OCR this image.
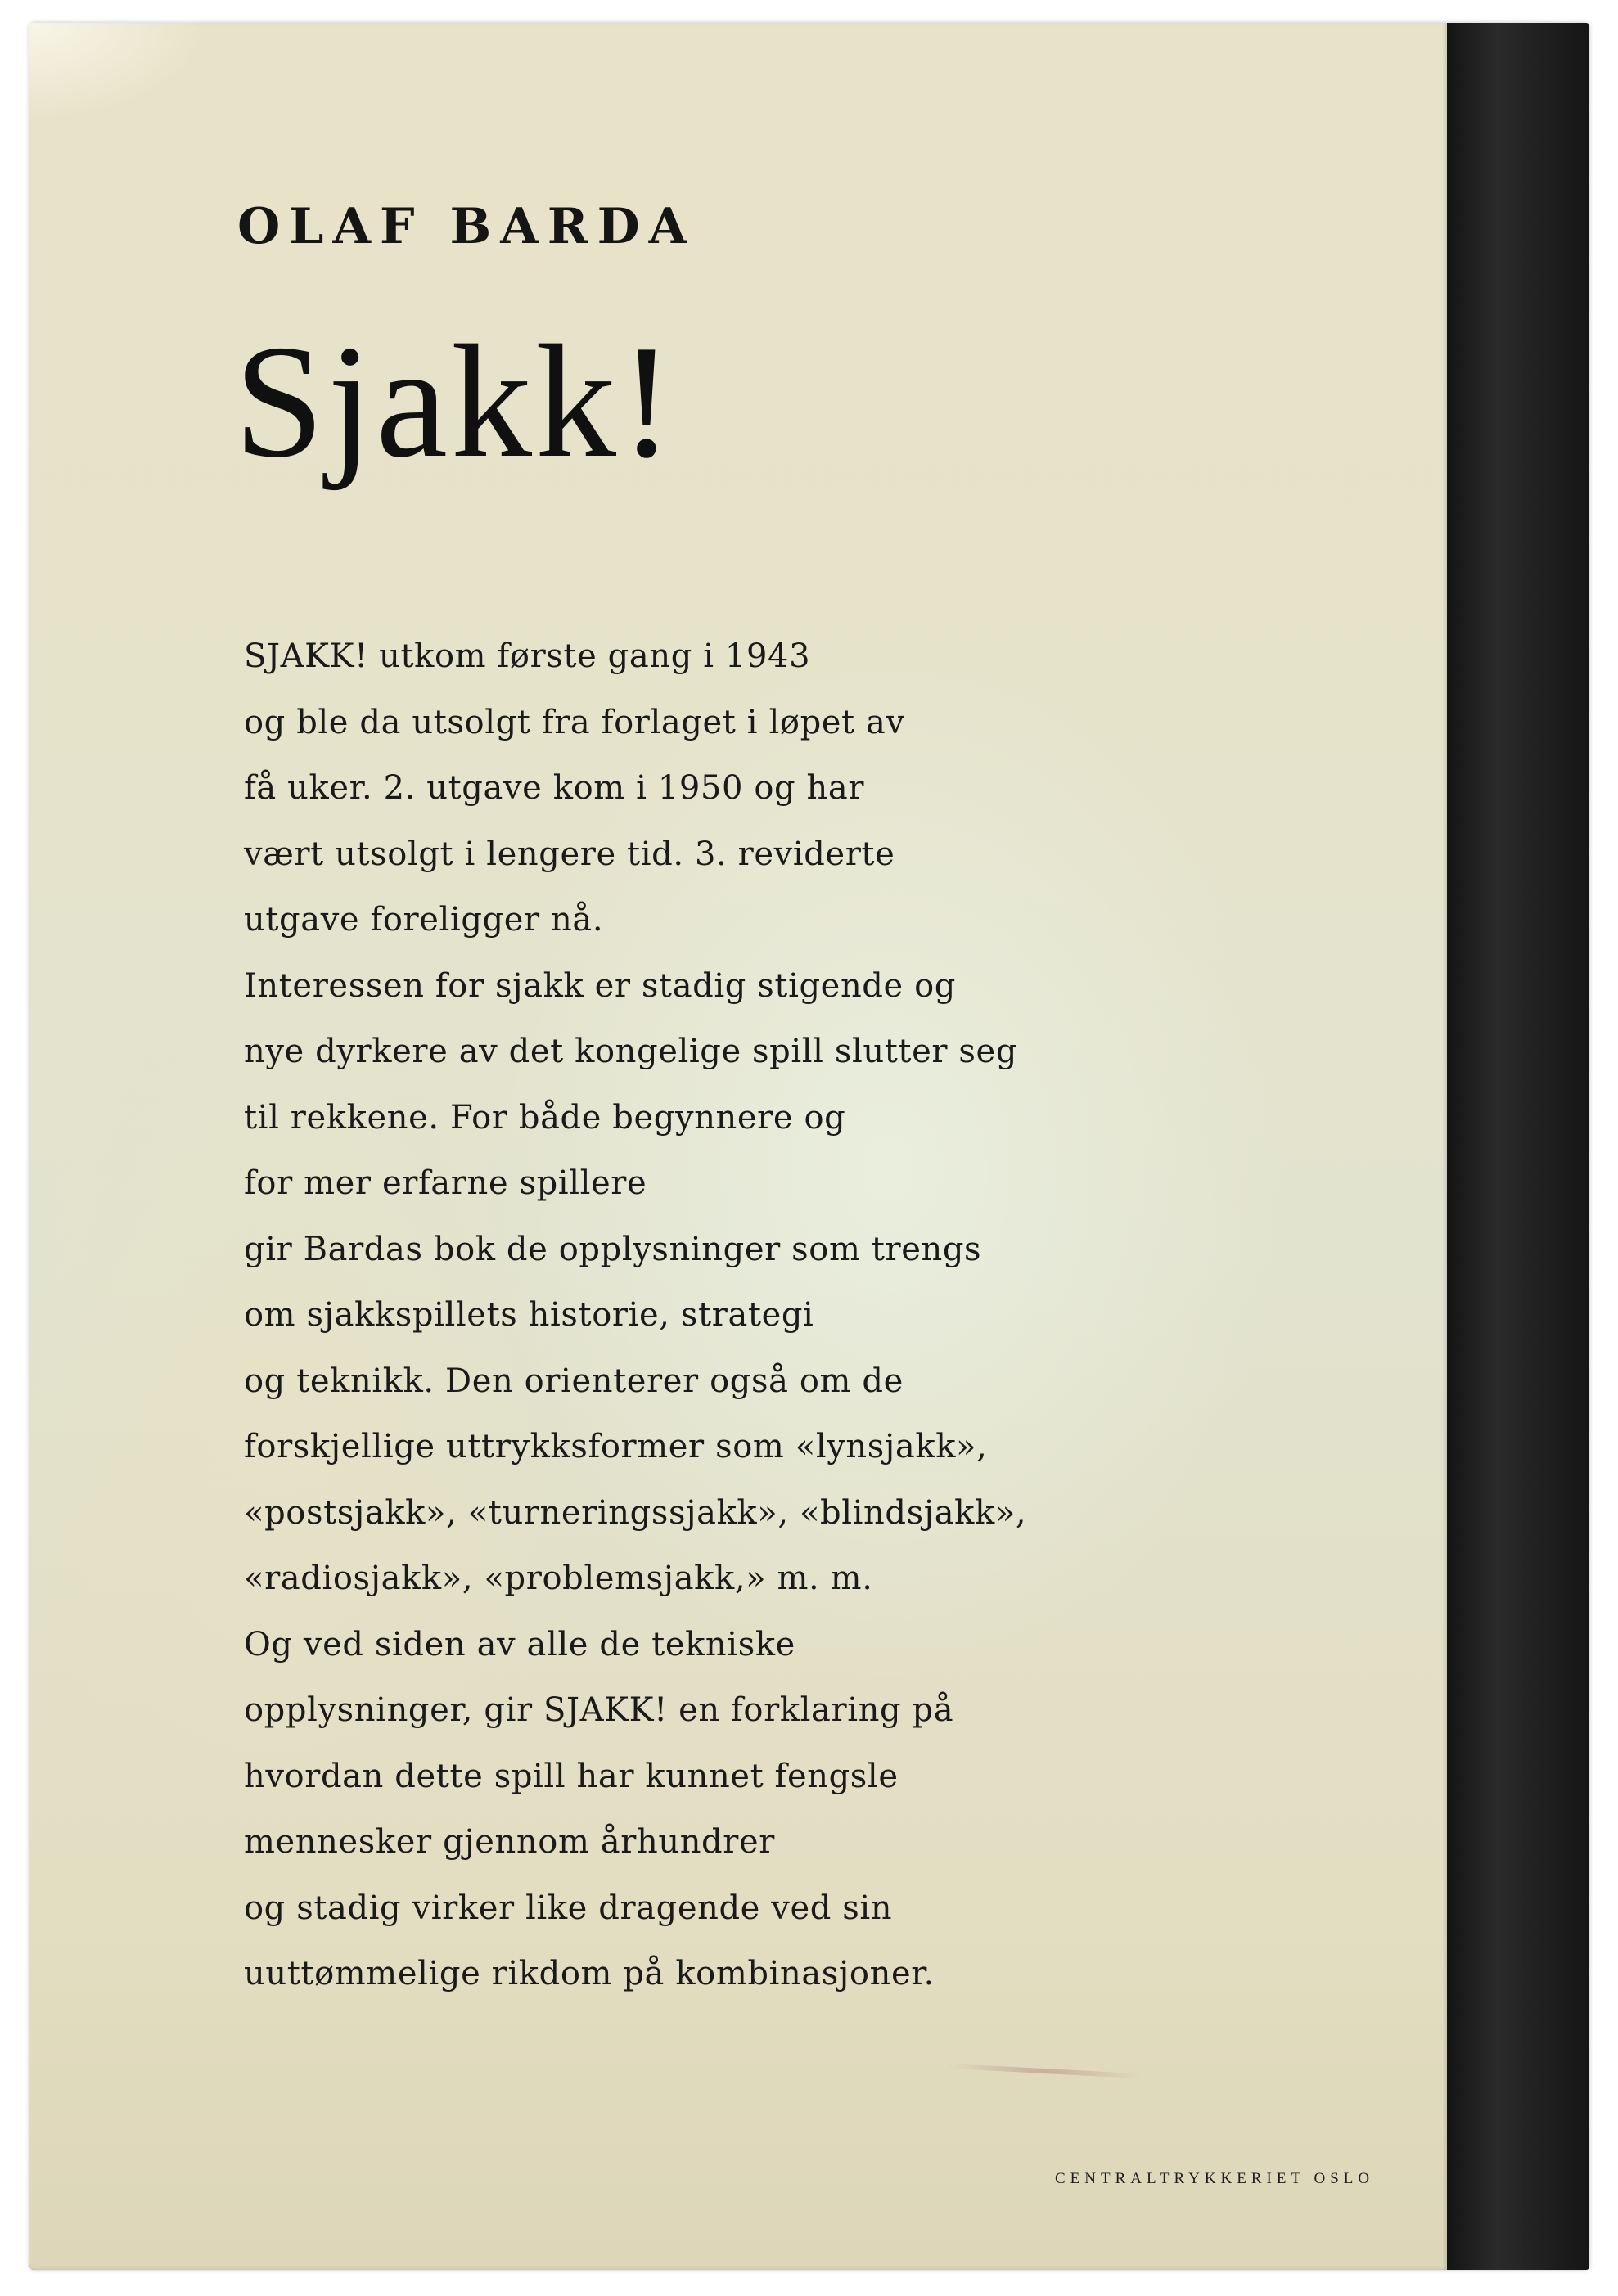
OLAF BARDA
Sjakk!
SJAKK! utkom første gang i 1943
og ble da utsolgt fra forlaget i løpet av
få uker. 2. utgave kom i 1950 og har
vært utsolgt i lengere tid. 3. reviderte
utgave foreligger nå.
Interessen for sjakk er stadig stigende og
nye dyrkere av det kongelige spill slutter seg
til rekkene. For både begynnere og
for mer erfarne spillere
gir Bardas bok de opplysninger som trengs
om sjakkspillets historie, strategi
og teknikk. Den orienterer også om de
forskjellige uttrykksformer som «lynsjakk»,
«postsjakk», «turneringssjakk», «blindsjakk»,
«radiosjakk», «problemsjakk,» m. m.
Og ved siden av alle de tekniske
opplysninger, gir SJAKK! en forklaring på
hvordan dette spill har kunnet fengsle
mennesker gjennom århundrer
og stadig virker like dragende ved sin
uuttømmelige rikdom på kombinasjoner.
CENTRALTRYKKERIET OSLO
